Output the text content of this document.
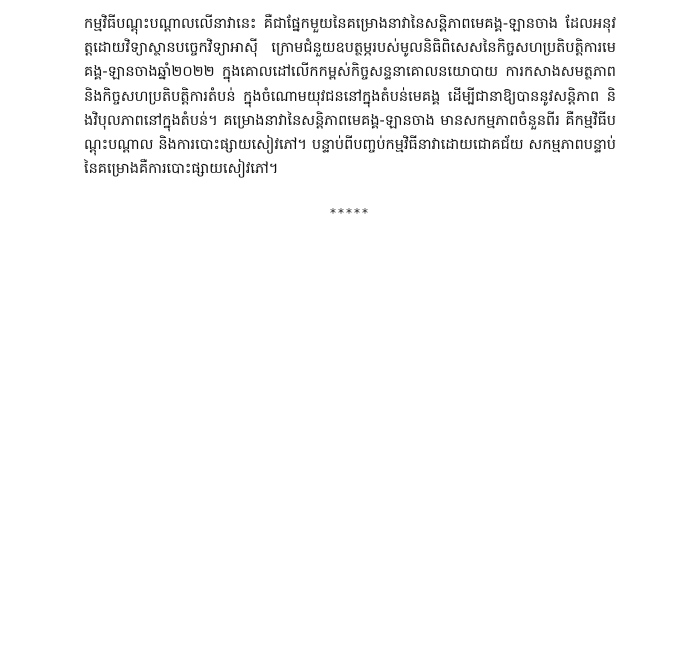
កម្មវិធីបណ្តុះបណ្តាលលើនាវានេះ គឺជាផ្នែកមួយនៃគម្រោងនាវានៃសន្តិភាពមេគង្គ-ឡានចាង ដែលអនុវត្តដោយវិទ្យាស្ថានបច្ចេកវិទ្យាអាស៊ី ក្រោមជំនួយឧបត្ថម្ភរបស់មូលនិធិពិសេសនៃកិច្ចសហប្រតិបត្តិការមេគង្គ-ឡានចាងឆ្នាំ២០២២ ក្នុងគោលដៅលើកកម្ពស់កិច្ចសន្ទនាគោលនយោបាយ ការកសាងសមត្ថភាព និងកិច្ចសហប្រតិបត្តិការតំបន់ ក្នុងចំណោមយុវជននៅក្នុងតំបន់មេគង្គ ដើម្បីជានាឱ្យបាននូវសន្តិភាព និងវិបុលភាពនៅក្នុងតំបន់។ គម្រោងនាវានៃសន្តិភាពមេគង្គ-ឡានចាង មានសកម្មភាពចំនួនពីរ គឺកម្មវិធីបណ្តុះបណ្តាល និងការបោះផ្សាយសៀវភៅ។ បន្ទាប់ពីបញ្ចប់កម្មវិធីនាវាដោយជោគជ័យ សកម្មភាពបន្ទាប់នៃគម្រោងគឺការបោះផ្សាយសៀវភៅ។

*****
